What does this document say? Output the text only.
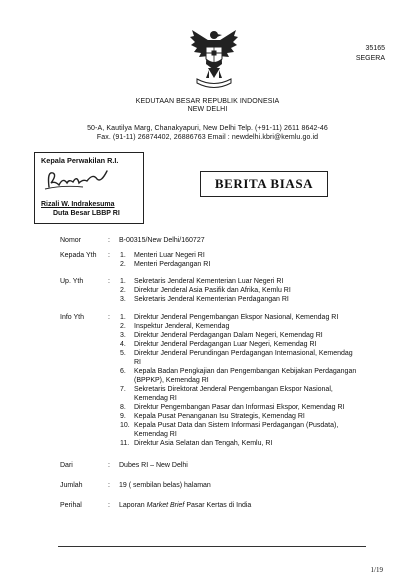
35165
SEGERA
KEDUTAAN BESAR REPUBLIK INDONESIA
NEW DELHI
50-A, Kautilya Marg, Chanakyapuri, New Delhi Telp. (+91-11) 2611 8642-46
Fax. (91-11) 26874402, 26886763 Email : newdelhi.kbri@kemlu.go.id
Kepala Perwakilan R.I.
Rizali W. Indrakesuma
Duta Besar LBBP RI
BERITA BIASA
Nomor	: B-00315/New Delhi/160727
Kepada Yth : 1. Menteri Luar Negeri RI
2. Menteri Perdagangan RI
Up. Yth	: 1. Sekretaris Jenderal Kementerian Luar Negeri RI
2. Direktur Jenderal Asia Pasifik dan Afrika, Kemlu RI
3. Sekretaris Jenderal Kementerian Perdagangan RI
Info Yth	: 1. Direktur Jenderal Pengembangan Ekspor Nasional, Kemendag RI
2. Inspektur Jenderal, Kemendag
3. Direktur Jenderal Perdagangan Dalam Negeri, Kemendag RI
4. Direktur Jenderal Perdagangan Luar Negeri, Kemendag RI
5. Direktur Jenderal Perundingan Perdagangan Internasional, Kemendag
RI
6. Kepala Badan Pengkajian dan Pengembangan Kebijakan Perdagangan
(BPPKP), Kemendag RI
7. Sekretaris Direktorat Jenderal Pengembangan Ekspor Nasional,
Kemendag RI
8. Direktur Pengembangan Pasar dan Informasi Ekspor, Kemendag RI
9. Kepala Pusat Penanganan Isu Strategis, Kemendag RI
10. Kepala Pusat Data dan Sistem Informasi Perdagangan (Pusdata),
Kemendag RI
11. Direktur Asia Selatan dan Tengah, Kemlu, RI
Dari	: Dubes RI – New Delhi
Jumlah	: 19 ( sembilan belas) halaman
Perihal	: Laporan Market Brief Pasar Kertas di India
1/19
